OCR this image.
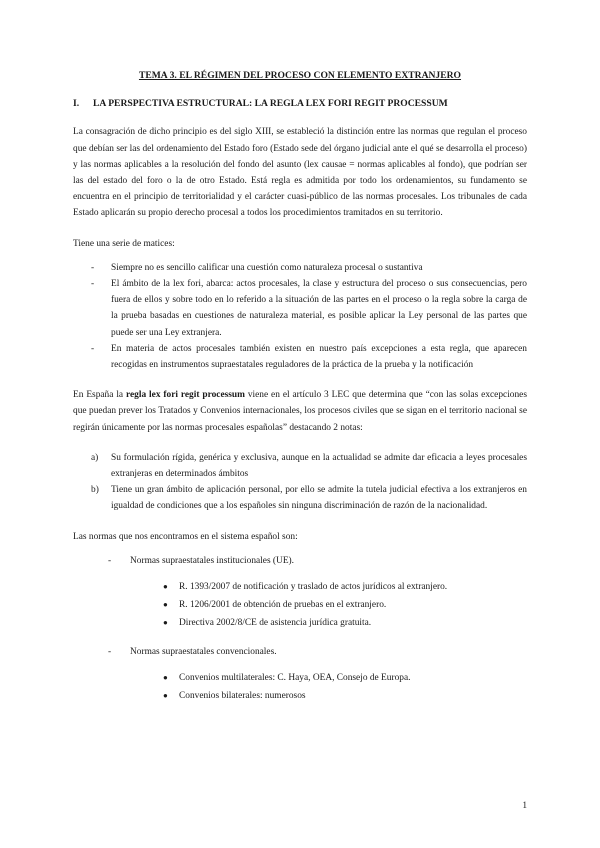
TEMA 3. EL RÉGIMEN DEL PROCESO CON ELEMENTO EXTRANJERO
I.	LA PERSPECTIVA ESTRUCTURAL: LA REGLA LEX FORI REGIT PROCESSUM

La consagración de dicho principio es del siglo XIII, se estableció la distinción entre las normas que regulan el proceso que debían ser las del ordenamiento del Estado foro (Estado sede del órgano judicial ante el qué se desarrolla el proceso) y las normas aplicables a la resolución del fondo del asunto (lex causae = normas aplicables al fondo), que podrían ser las del estado del foro o la de otro Estado. Está regla es admitida por todo los ordenamientos, su fundamento se encuentra en el principio de territorialidad y el carácter cuasi-público de las normas procesales. Los tribunales de cada Estado aplicarán su propio derecho procesal a todos los procedimientos tramitados en su territorio.

Tiene una serie de matices:

-	Siempre no es sencillo calificar una cuestión como naturaleza procesal o sustantiva
-	El ámbito de la lex fori, abarca: actos procesales, la clase y estructura del proceso o sus consecuencias, pero fuera de ellos y sobre todo en lo referido a la situación de las partes en el proceso o la regla sobre la carga de la prueba basadas en cuestiones de naturaleza material, es posible aplicar la Ley personal de las partes que puede ser una Ley extranjera.
-	En materia de actos procesales también existen en nuestro país excepciones a esta regla, que aparecen recogidas en instrumentos supraestatales reguladores de la práctica de la prueba y la notificación

En España la regla lex fori regit processum viene en el artículo 3 LEC que determina que “con las solas excepciones que puedan prever los Tratados y Convenios internacionales, los procesos civiles que se sigan en el territorio nacional se regirán únicamente por las normas procesales españolas” destacando 2 notas:

a)	Su formulación rígida, genérica y exclusiva, aunque en la actualidad se admite dar eficacia a leyes procesales extranjeras en determinados ámbitos
b)	Tiene un gran ámbito de aplicación personal, por ello se admite la tutela judicial efectiva a los extranjeros en igualdad de condiciones que a los españoles sin ninguna discriminación de razón de la nacionalidad.

Las normas que nos encontramos en el sistema español son:

-	Normas supraestatales institucionales (UE).
●	R. 1393/2007 de notificación y traslado de actos jurídicos al extranjero.
●	R. 1206/2001 de obtención de pruebas en el extranjero.
●	Directiva 2002/8/CE de asistencia jurídica gratuita.
-	Normas supraestatales convencionales.
●	Convenios multilaterales: C. Haya, OEA, Consejo de Europa.
●	Convenios bilaterales: numerosos
1
